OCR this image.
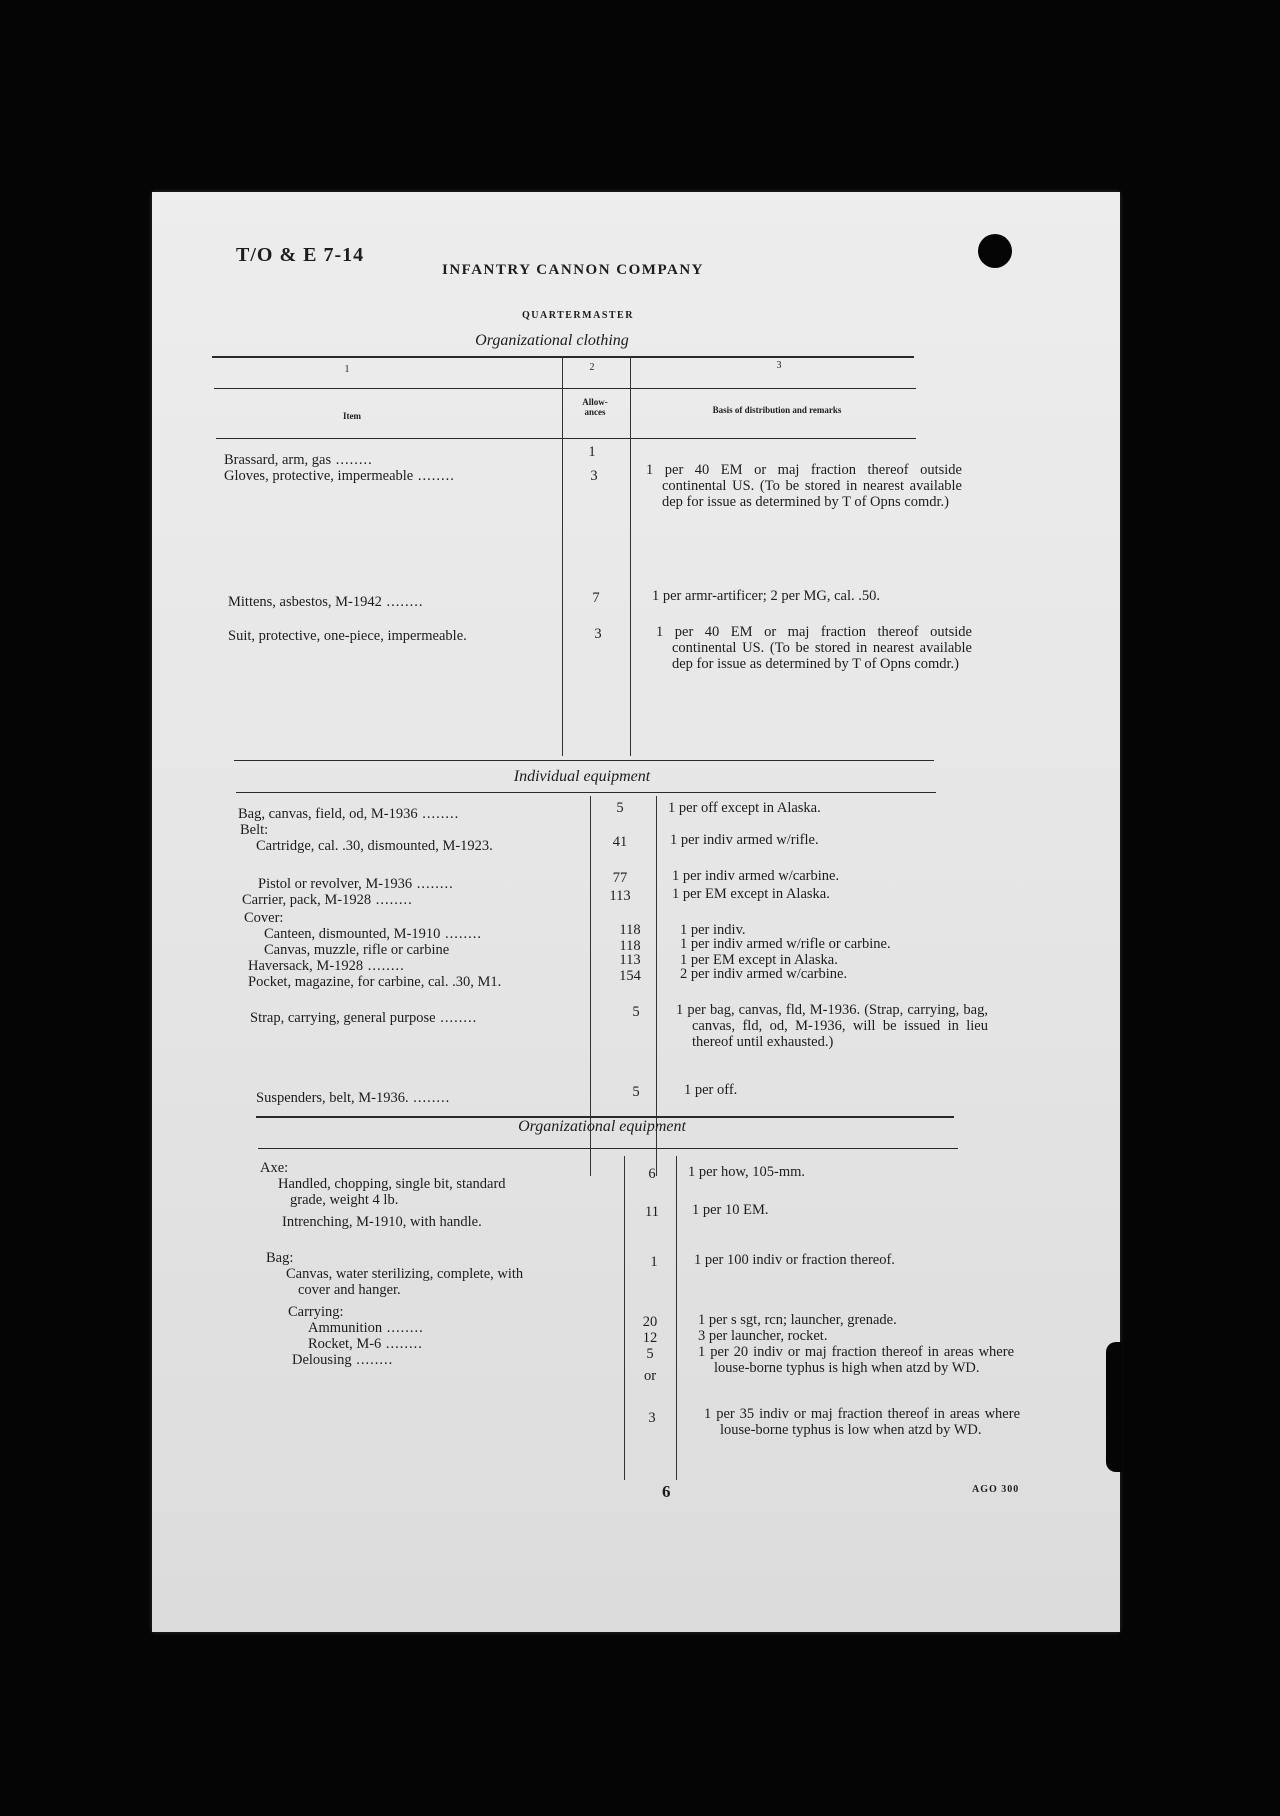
T/O & E 7-14
INFANTRY CANNON COMPANY
QUARTERMASTER
Organizational clothing
1	2	3
Item
Allow-
ances	Basis of distribution and remarks
Brassard, arm, gas .....	1
Gloves, protective, impermeable .....	3	1 per 40 EM or maj fraction thereof outside continental US. (To be stored in nearest available dep for issue as determined by T of Opns comdr.)
Mittens, asbestos, M-1942 .....	7	1 per armr-artificer; 2 per MG, cal. .50.
Suit, protective, one-piece, impermeable.	3	1 per 40 EM or maj fraction thereof outside continental US. (To be stored in nearest available dep for issue as determined by T of Opns comdr.)
Individual equipment
Bag, canvas, field, od, M-1936 .....	5	1 per off except in Alaska.
Belt:
Cartridge, cal. .30, dismounted, M-1923.	41	1 per indiv armed w/rifle.
Pistol or revolver, M-1936 .....	77	1 per indiv armed w/carbine.
Carrier, pack, M-1928 .....	113	1 per EM except in Alaska.
Cover:
Canteen, dismounted, M-1910 .....	118	1 per indiv.
Canvas, muzzle, rifle or carbine	118	1 per indiv armed w/rifle or carbine.
Haversack, M-1928 .....	113	1 per EM except in Alaska.
Pocket, magazine, for carbine, cal. .30, M1.	154	2 per indiv armed w/carbine.
Strap, carrying, general purpose .....	5	1 per bag, canvas, fld, M-1936. (Strap, carrying, bag, canvas, fld, od, M-1936, will be issued in lieu thereof until exhausted.)
Suspenders, belt, M-1936. .....	5	1 per off.
Organizational equipment
Axe:
Handled, chopping, single bit, standard grade, weight 4 lb.
6	1 per how, 105-mm.
Intrenching, M-1910, with handle.
11	1 per 10 EM.
Bag:
Canvas, water sterilizing, complete, with cover and hanger.
1	1 per 100 indiv or fraction thereof.
Carrying:
Ammunition .....	20	1 per s sgt, rcn; launcher, grenade.
Rocket, M-6 .....	12	3 per launcher, rocket.
Delousing .....	5	1 per 20 indiv or maj fraction thereof in areas where louse-borne typhus is high when atzd by WD.
or
3	1 per 35 indiv or maj fraction thereof in areas where louse-borne typhus is low when atzd by WD.
6	AGO 300
